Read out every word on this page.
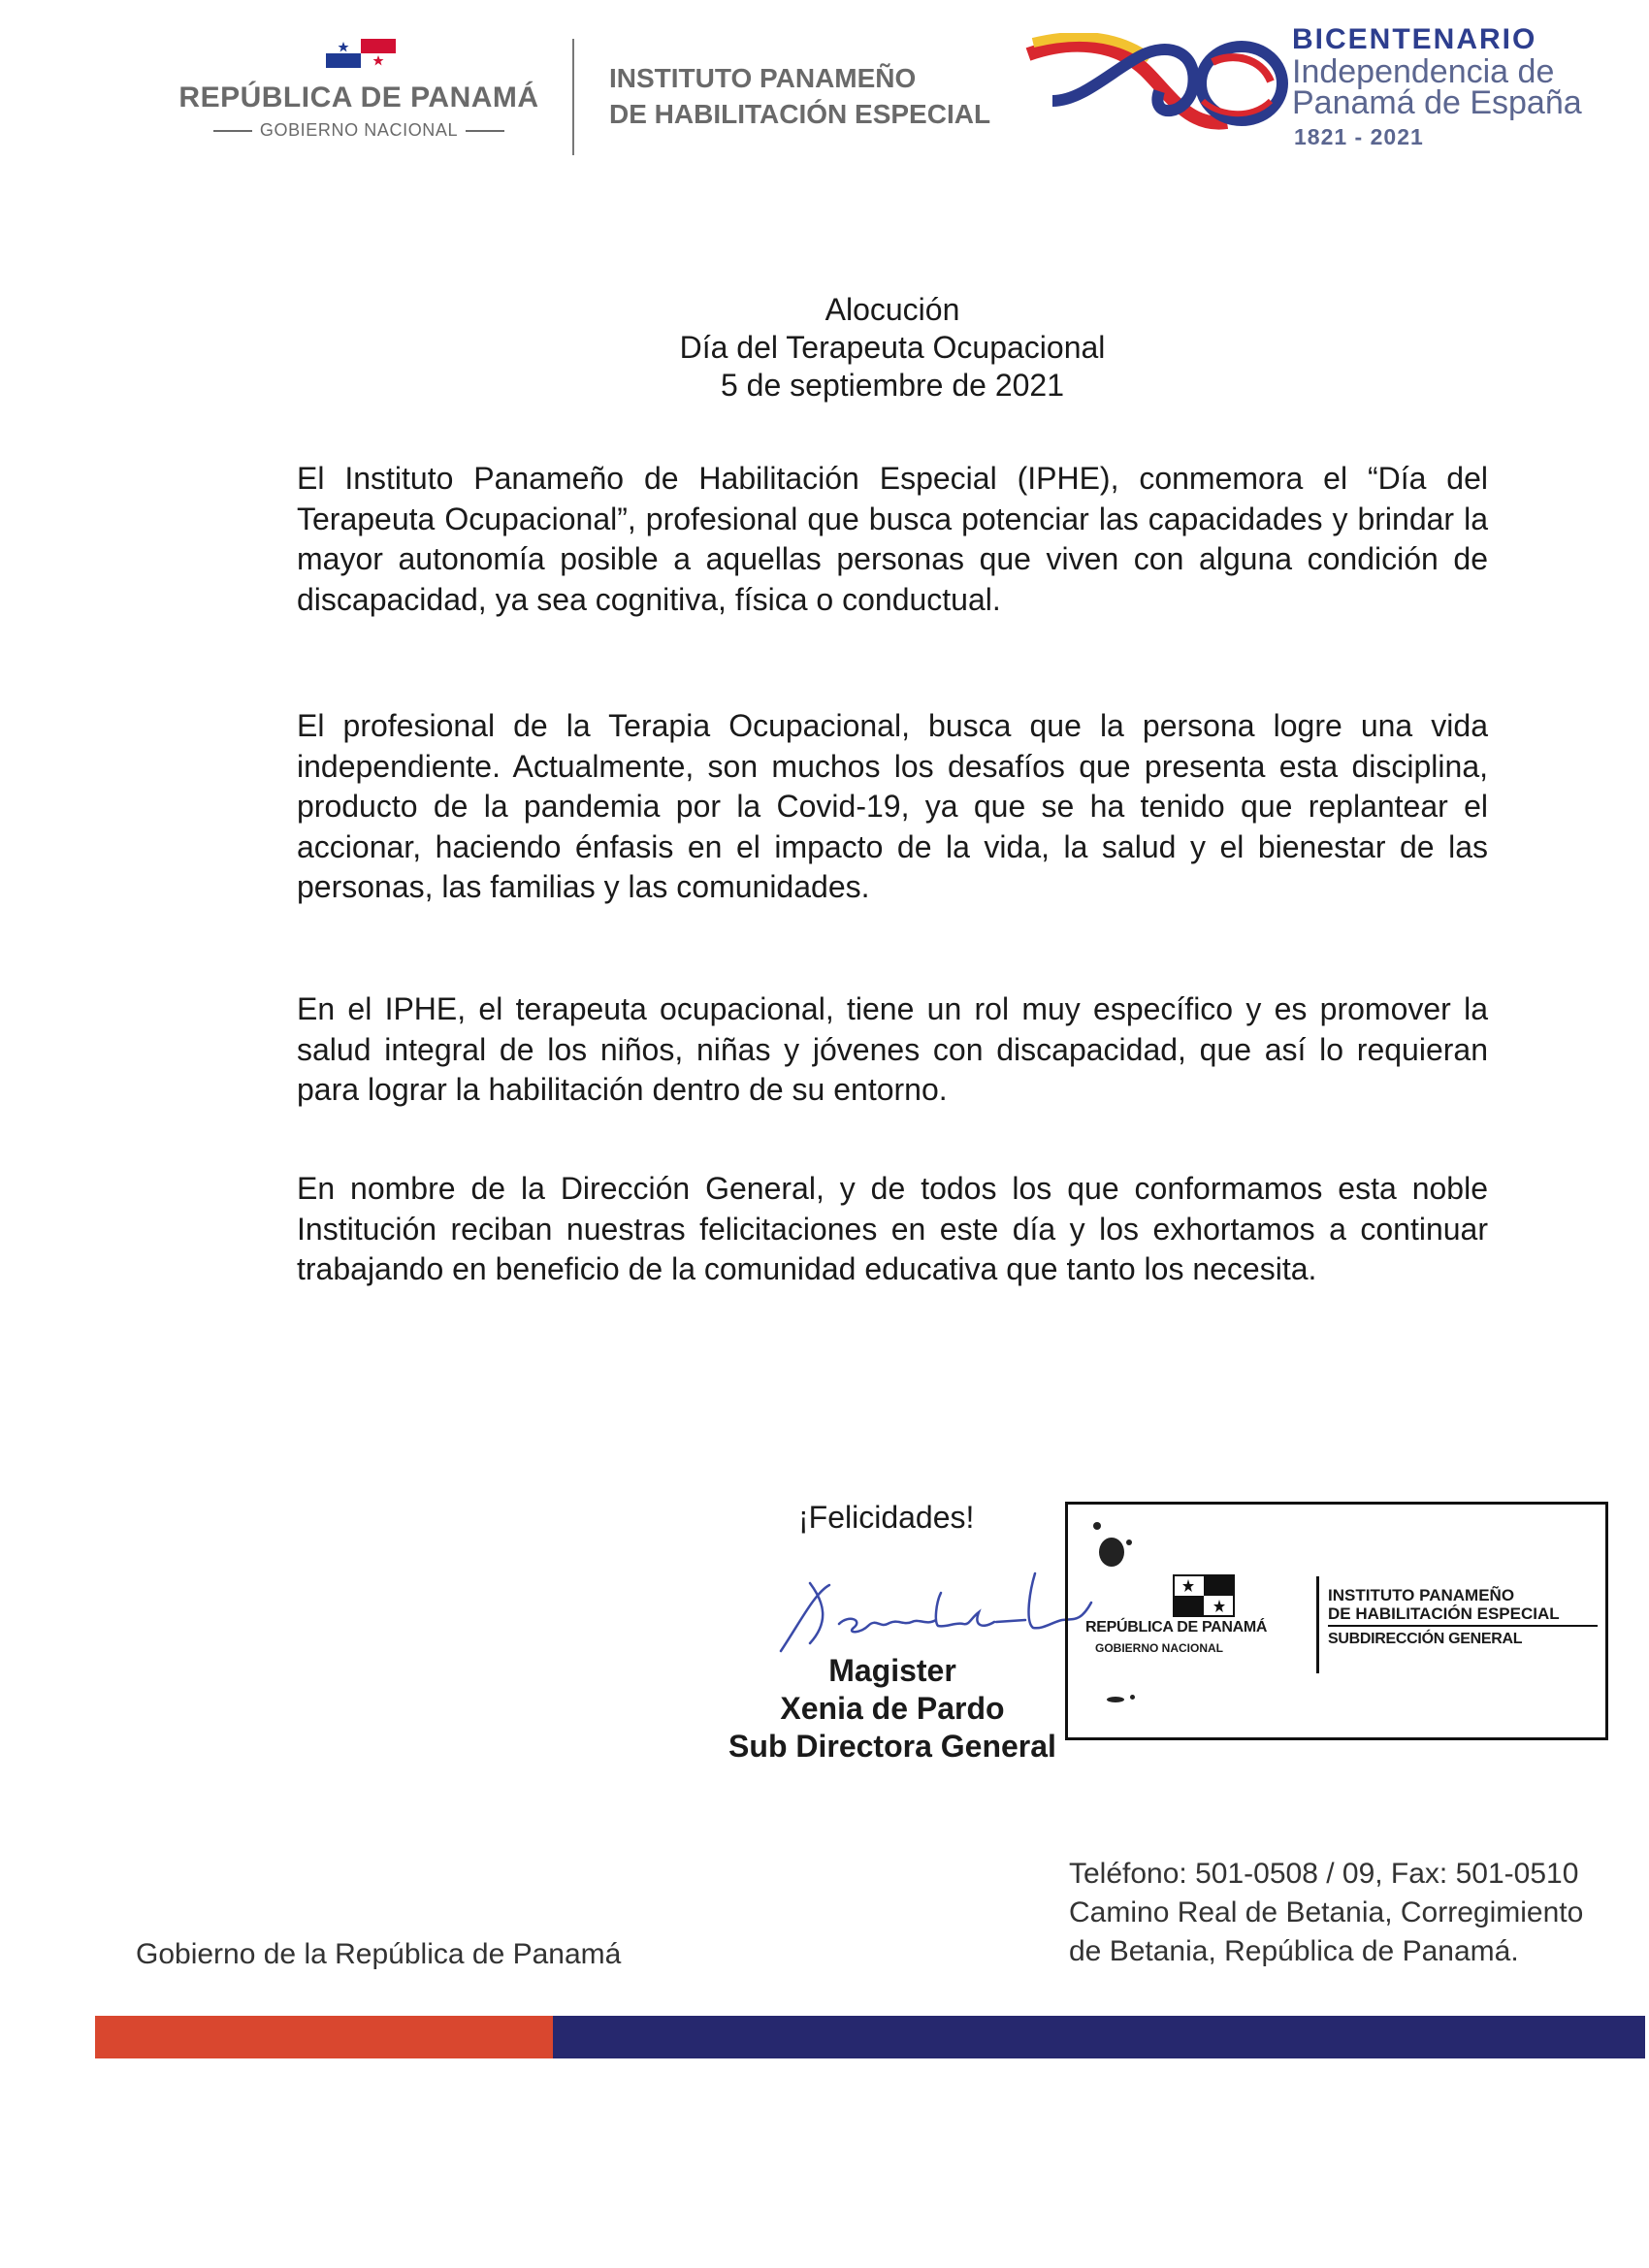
REPÚBLICA DE PANAMÁ
GOBIERNO NACIONAL
INSTITUTO PANAMEÑO
DE HABILITACIÓN ESPECIAL
BICENTENARIO
Independencia de
Panamá de España
1821 - 2021
Alocución
Día del Terapeuta Ocupacional
5 de septiembre de 2021

El Instituto Panameño de Habilitación Especial (IPHE), conmemora el “Día del Terapeuta Ocupacional”, profesional que busca potenciar las capacidades y brindar la mayor autonomía posible a aquellas personas que viven con alguna condición de discapacidad, ya sea cognitiva, física o conductual.

El profesional de la Terapia Ocupacional, busca que la persona logre una vida independiente. Actualmente, son muchos los desafíos que presenta esta disciplina, producto de la pandemia por la Covid-19, ya que se ha tenido que replantear el accionar, haciendo énfasis en el impacto de la vida, la salud y el bienestar de las personas, las familias y las comunidades.

En el IPHE, el terapeuta ocupacional, tiene un rol muy específico y es promover la salud integral de los niños, niñas y jóvenes con discapacidad, que así lo requieran para lograr la habilitación dentro de su entorno.

En nombre de la Dirección General, y de todos los que conformamos esta noble Institución reciban nuestras felicitaciones en este día y los exhortamos a continuar trabajando en beneficio de la comunidad educativa que tanto los necesita.

¡Felicidades!
Magister
Xenia de Pardo
Sub Directora General
REPÚBLICA DE PANAMÁ
GOBIERNO NACIONAL
INSTITUTO PANAMEÑO
DE HABILITACIÓN ESPECIAL
SUBDIRECCIÓN GENERAL
Gobierno de la República de Panamá
Teléfono: 501-0508 / 09, Fax: 501-0510
Camino Real de Betania, Corregimiento
de Betania, República de Panamá.
